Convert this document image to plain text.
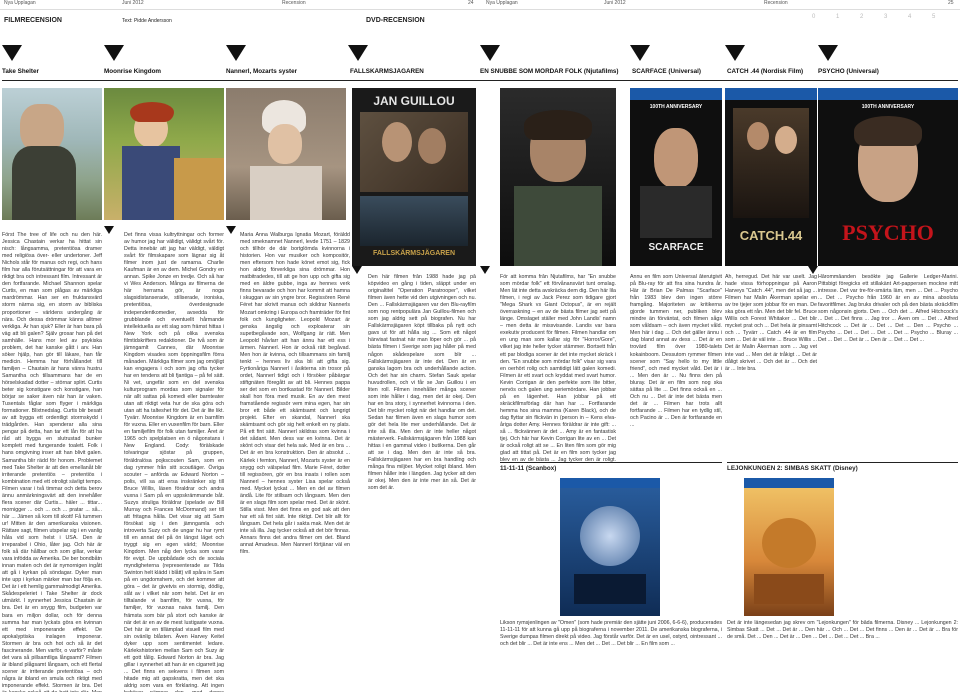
Nya Upplagan	Juni 2012	Recension	24 Nya Upplagan	Juni 2012	Recension	25
FILMRECENSION	Text: Pidde Andersson	DVD-RECENSION	0	1	2	3	4	5
Take Shelter	Moonrise Kingdom	Nannerl, Mozarts syster	FALLSKÄRMSJÄGAREN	EN SNUBBE SOM MÖRDAR FOLK (Njutafilms)	SCARFACE (Universal)	CATCH .44 (Nordisk Film)	PSYCHO (Universal)
JAN GUILLOU
FALLSKÄRMSJÄGAREN
100TH ANNIVERSARY
SCARFACE
CATCH.44
100TH ANNIVERSARY
PSYCHO
Först The tree of life och nu den här. Jessica Chastain verkar ha hittat sin nisch: långsamma, pretentiösa dramer med religiösa över- eller undertoner. Jeff Nichols står för manus och regi, och hans film har alla förutsättningar för att vara en riktigt bra och intressant film. Intressant är den fortfarande. Michael Shannon spelar Curtis, en man som plågas av märkliga mardrömmar. Han ser en fruktansvärd storm närma sig, en storm av bibliska proportioner – världens undergång är nära. Och dessa drömmar känns alltmer verkliga. Är han sjuk? Eller är han bara på väg att bli galen? Själv grosar han på det samhälle. Hans mor led av psykiska problem, det har kanske gått i arv. Han söker hjälp, han gör till läkare, han får medicin. Hemma har förhållandet till familjen – Chastain är hans vänra hustru Samantha och tillsammans har de en hörselskadad dotter – störnar splirt. Curtis beter sig konstigare och konstigare, han börjar se saker även när han är vaken. Tusentals fåglar som flyger i märkliga formationer. Blixtnedslag. Curtis blir besatt av att bygga ett ordentligt stormskydd i trädgården. Han spenderar alla sina pengar på detta, han tar ett lån för att ha råd att bygga en slutrustad bunker komplett med fungerande toalett. Folk i hans omgivning inser att han blivit galen. Samantha blir rädd för honom. Problemet med Take Shelter är att den emellanåt blir irriterande pretentiös – pretentiös i kombination med ett otroligt sävligt tempo. Filmen varar i två timmar och detta berov ännu anmärkningsvärt att den innehåller flera scener där Curtis... häler ... tittar... mornigger ... och ... och ... pratar ... så... här ... Jämen så kom till skott! Få tummen ur! Mitten är den amerikanska visionen. Rättare sagt, filmen utspelar sig i en vanlig håla vid som helst i USA. Den är irreparabel i Ohio, låter jag. Och här är folk så där hållbar och som gillar, verkar vara infödda av Amerika. De ber bondbåtn innan maten och det är nymornigen ingått att gå i kyrkan på söndagar. Dyker man inte upp i kyrkan märker man bar följa en. Det är i ett hemlig gammalmodigt Amerika. Skådespeleriet i Take Shelter är dock utmärkt. I synnerhet Jessica Chastain är bra. Det är en snygg film, budgeten var bara en miljon dollar, och för denna summa har man lyckats göra en kvinnan ett med imponerande effekt. De apokalyptiska inslagen imponerar. Stormen är bra och hot och så är det fascinerande. Men varför, o varför? måste det vara så pillsamtliga långsamt? Filmen är ibland plågsamt långsam, och ett flertal scener är irriterande pretentiösa – och några är ibland en smula och riktigt med imponerande effekt. Stormen är bra. Det
Det finns vissa kultryttningar och former av humor jag har välidigt, välidgt svårt för. Detta innebär att jag har väldigt, väldigt svårt för filmskapare som lägnar sig åt filmer inom just de ramarna. Charlie Kaufman är en av dem. Michel Gondry en annan. Spike Jonze en tredje. Och så har vi Wes Anderson. Många av filmerna de här herrarna gör, är noga slagsidistanserade, stiliserade, ironiska, pretentiösa, överdesignade independentkomedier, avsedda för grubblande och eventuellt hårmande intellektuella av ett slag som främst hittas i New York och på olika svenska filmtidskrifters redaktioner. De två som är jämngamlt Cannes, där Moonrise Kingdom visades som öppningsfilm förra månaden. Märkliga filmer som jag omöjligt kan engagera i och som jag ofta tycker har en tendens att bli fjantiga – på fel sätt. Ni vet, ungefär som en del svenska kulturprogram mordas som signaler för när allt sattas på komedi eller barnteater utan att riktigt veta hur de ska göra och utan att ha talteshet för det. Det är lite likt. Tyvärr. Moonrise Kingdom är en barnfilm för vuxna. Eller en vuxenfilm för barn. Eller en familjefilm för folk utan familjer. Året är 1965 och spelplatsen en ö någonstans i New England. Cody: förälskade tolvaringar sjöstar på gruppen, föräldralösa pojkscouten Sam, som en dag rymmer från sitt scoutläger. Övriga scouter – anförda av Edward Norton – polis, vill sa att ersa inskränker sig till Bruce Willis, läsen föraldrar och andra vuxna i Sam på en uppskrämmande båt. Suzys struliga föräldrar (spelade av Bill Murray och Frances McDormand) ser till att fritagna hålla. Det visar sig att Sam försökat sig i den jämngamla och introverta Suzy och de ungar hu har rymt till en annat del på ön längst läget och tryggt sig en egen värld; Moonrise Kingdom. Men någ den lycka som varar för evigt. De uppbådade och de sociala myndigheterna (representerade av Tilda Swinton helt klädd i blått) vill spåra in Sam på en ungdomshem, och det kommer att göra – det är givetvis en stormig, dödlig, slåt av i vilket när som helst. Det är en tilltalande vi barnfilm, för vuxna, för familjer, för vuxnas naiva familj. Den främsta som bär på stort och kanske är när det är en av de mest lustigaste vuxna. Det här är en tillämplad visuell film med sin ovänlig blåsten. Även Harvey Keitel dyker upp som sentimentet ledare. Kärlekshistorien mellan Sam och Suzy är ett gott tålig. Edward Norton är bra. Jag gillar i synnerhet att han är en cigarrett jag ... Det finns en sekvens i filmen som hitade mig att gapskratta, men det ska aldrig som vara en förklaring. Att ingen
Maria Anna Walburga Ignatia Mozart, föräldd med smeknamnet Nannerl, levde 1751 – 1829 och tillhör de där bortglömda kvinnorna i historien. Hon var musiker och kompositör, men eftersom hon hade könet emot sig, fick hon aldrig förverkliga sina drömmar. Hon matbitradedes, till att ge hon upp och gifta sig med en äldre gubbe, inga av hennes verk finns bevarade och hon har kommit att hamna i skuggan av sin yngre bror. Regissören René Féret har skrivit manus och skildrar Nannerls Mozart omkring i Europa och framträder för fint folk och kungligheter. Leopold Mozart är genska ängslig och exploaterar sin supetbegåvade son, Wolfgang är rätt. Men Leopold håvlarr att han ännu har ett ess i ärmen. Nannerl. Hon är också rätt begåvad. Men hon är kvinna, och tillsammans sin familj tenkt – hennes liv ska bli att gifta sig. Fyrtionåriga Nannerl i åsikterna sin trosor på ordet, Nannerl tidigt och i försöker påbärgar stiftgnäten föregått av att bli. Hennes pappa ser det som en bortkastad för Nannerl. Bilder skall hon föra med musik. En av den mest framstående regissör vem mina egen, har sin bror ett både ett skämtsamt och lungrigt projekt. Efter en skandal, Nannerl ska skämtsamt och gör sig helt enkelt en ny plats. På ett fint sätt. Nannerl skildras som kvinna i det sådant. Men dess var en kvinna. Det är skönt och visar det hela sak. Med är en bra ... Det är en bra konstruktion. Den är absolut ... Kärlek i femton, Nannerl, Mozarts syster är en snygg och välspelad film. Marie Féret, dotter till regissören, gör en bra insats i rollen som Nannerl – hennes syster Lisa spelar också med. Mycket lyckat ... Men en del av filmen ändå. Lite för stillsam och långsam. Men den är en slags film som spelar med. Det är skönt. Stilla visst. Men det finns en god sak att den har ett så fint sätt. Inte riktigt. Det blir allt för långsam. Det hela går i sakta mak. Men det är inte så illa. Jag tycker också att det bör finnas. Annars finns det andra filmer om det. Bland annat Amadeus. Men Nannerl förtjänar väl en film.
Den här filmen från 1988 hade jag på köpvideo en gång i tiden, släppt under en originaltitel "Operation Paratrooper", vilket filmen även hette vid den utgivningen och nu. Den ... Fallskärmsjägaren var den Blu-rayfilm som nog rentpopulära Jan Guillou-filmen och som jag aldrig sett på biografen. Nu har Fallskärmsjägaren köpt tillbaka på nytt och gavs ut för att hålla sig ... Som ett något hänvisat fastnat när man löper och gör ... på bästa filmen i Sverige som jag håller på med någon skådespelare som blir ... Fallskärmsjägaren är inte det. Den är en ganska lagom bra och underhållande action. Och det har sin charm. Stefan Sauk spelar huvudrollen, och vi får se Jan Guillou i en liten roll. Filmen innehåller många scener som inte håller i dag, men det är okej. Den har en bra story, i synnerhet kvinnorna i den. Det blir mycket roligt när det handlar om det. Sedan har filmen även en slags humor som gör det hela lite mer underhållande. Det är inte så illa. Men den är inte heller något mästerverk. Fallskärmsjägaren från 1988 kan hittas i en gammal video i butikerna. Den går att se i dag. Men den är inte så bra. Fallskärmsjägaren har en bra handling och många fina miljöer. Mycket roligt ibland. Men filmen håller inte i längden. Jag tycker att den är okej. Men den är inte mer än så. Det är som det är.
För att komma från Njutafilms, har "En snubbe som mördar folk" ett förvånansvärt tunt omslag. Men lät inte detta avskräcka dem dig. Den här lila filmen, i regi av Jack Perez som tidigare gjort "Mega Shark vs Giant Octopus", är en rejält överraskning – en av de bästa filmer jag sett på länge. Omslaget ställer med John Landis' namn – men detta är missvisande. Landis var bara exekutiv producent för filmen. Filmen handlar om en ung man som kallar sig för "Horror/Gore", vilket jag inte heller tycker stämmer. Bortsett från ett par blodiga scener är det inte mycket skräck i den. "En snubbe som mördar folk" visar sig vara en oerhört rolig och samtidigt lätt galen komedi. Filmen är ett svart och kryddat med svart humor. Kevin Corrigan är den perfekte som lite bitter, nervös och galen ung seriemördare. Han jobbar på en lägenhet. Han jobbar på ett skräckfilmsförlag där han har ... Fortfarande hemma hos sina mamma (Karen Black), och de dag flyttar sin flickvän in (person in – Kens elva-åriga dotter Amy. Hennes föräldrar är inte gift: ... så ... flickvännen är det ... Amy är en fantastisk tjej. Och här har Kevin Corrigan lite av en ... Det är också roligt att se ... En liten film som gör mig glad att tittat på. Det är en film som tycker jag blev en av de bästa ... Jag tycker den är roligt.
Ännu en film som Universal återutgivit på Blu-ray för att fira sina hundra år. Här är Brian De Palmas "Scarface" från 1983 blev den ingen större framgång. Majoriteten av kritikerna gjorde tummen ner, publiken blev mindre än förväntat, och filmen sågs som våldsam – och även mycket våld. Men här i dag ... Och det gäller ännu i dag bland annat av dess ... Det är en trovärd film över 1980-talets kokainboom. Dessutom rymmer filmen scener som "Say hello to my little friend", och med mycket våld. Det är i ... Men den är ... Nu finns den på bluray. Det är en film som nog ska sättas på lite ... Det finns också en ... Och nu ... Det är inte det bästa men det är ... Filmen har trots allt fortfarande ... Filmen har en tydlig stil, och Pacino är ... Den är fortfarande en ...
Åh, herregud. Det här var uselt. Jag hade vissa förhoppningar på Aaron Harveys "Catch .44", men det så jag ... Filmen har Malin Åkerman spelar en av tre tjejer som jobbar för en man. De ska göra ett rån. Men det blir fel. Bruce Willis och Forest Whitaker ... Det blir mycket prat och ... Det hela är pinsamt och ... Tyvärr ... Catch .44 är en film som ... Det är väl inte ... Bruce Willis ... Det är Malin Åkerman som ... Jag vet inte vad ... Men det är tråkigt ... Det är dåligt skrivet ... Och det är ... Och det är ... Inte bra.
Hårommåanden besökte jag Gallerie Ledger-Marini. Pittsbigt föregicks ett stillakänt Art-pappersen mockne mitt intresse. Det var tre-för-smärta läm, men ... Det ... Psycho ... Det ... Psycho från 1960 är en av mina absoluta favoritfilmer. Jag bruks drivaler och på den bästa skräckfilm som någonsin gjorts. Den ... Och det ... Alfred Hitchcock's ... Det ... Det finns ... Jag tror ... Även om ... Det ... Alfred Hitchcock ... Det är ... Det ... Det ... Den ... Psycho ... Psycho ... Det ... Det ... Det ... Det ... Psycho ... Bluray ... Det ... Det ... Det är ... Den är ... Det ... Det ...
11-11-11 (Scanbox)
Likson rymsjenlingen av "Omen" (som hade premiär den sjätte juni 2006, 6-6-6), producerades 11-11-11 för att kunna gå upp på biograferna i november 2011. De amerikanska biograferna, i Sverige dumpas filmen direkt på video. Jag förstår varför. Det är en usel, ostyrd, ointressant ... och det blir ... Det är inte ens ... Men det ... Det ... Det blir ... En film som ...
LEJONKUNGEN 2: SIMBAS SKATT (Disney)
Det är inte längesedan jag skrev om "Lejonkungen" för båda filmerna. Disney ... Lejonkungen 2: Simbas Skatt ... Det ... Det är ... Den här ... Och ... Det ... Det finns ... Den är ... Det är ... Bra för de små. Det ... Den ... Det är ... Den ... Det ... Det ... Det ... Bra ...
